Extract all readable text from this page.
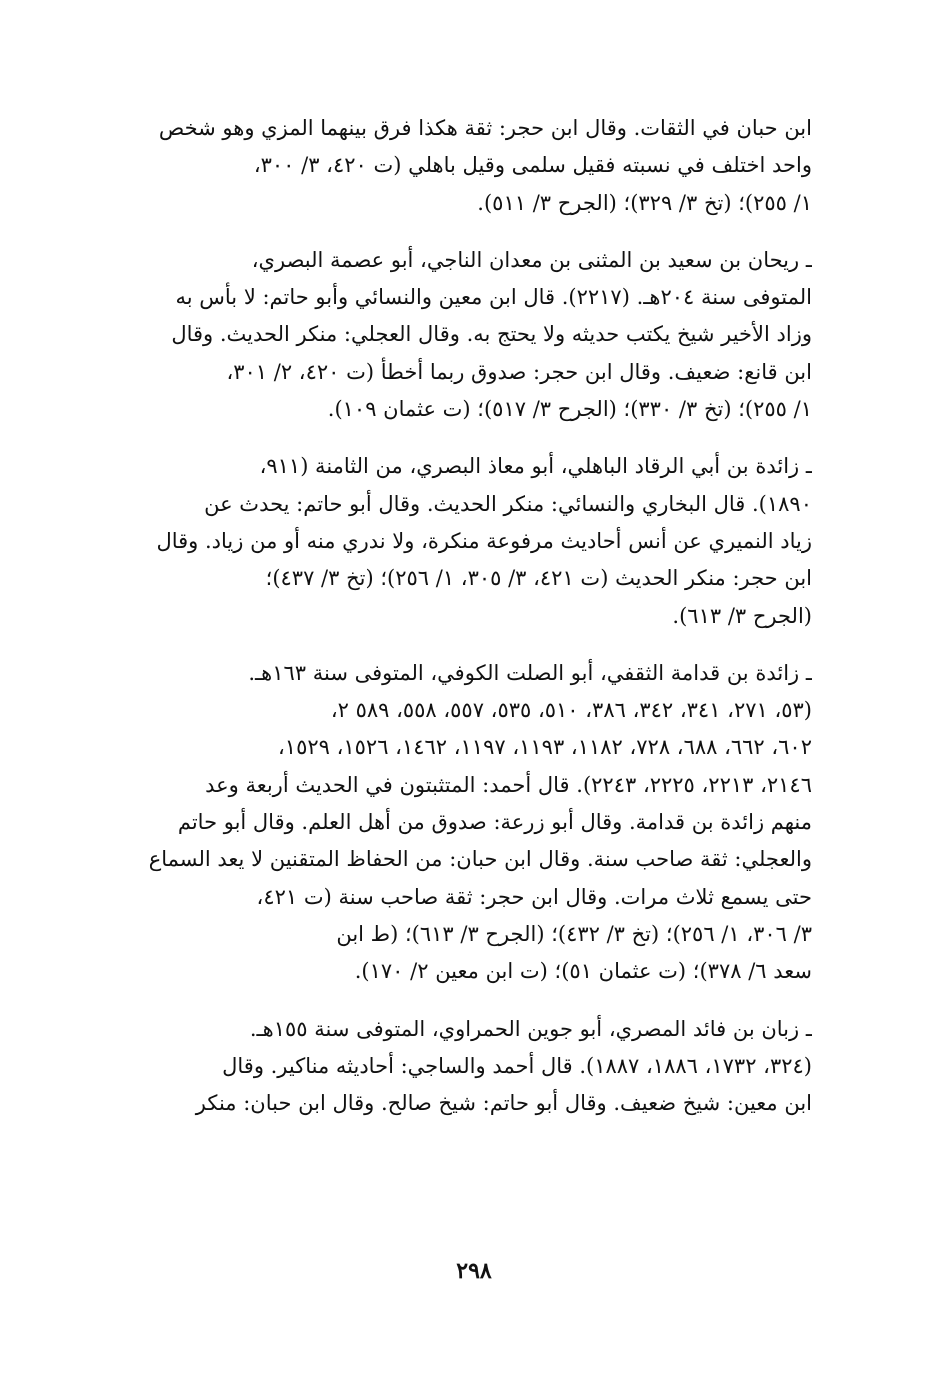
ابن حبان في الثقات. وقال ابن حجر: ثقة هكذا فرق بينهما المزي وهو شخص
واحد اختلف في نسبته فقيل سلمى وقيل باهلي (ت ٤٢٠، ٣/ ٣٠٠،
١/ ٢٥٥)؛ (تخ ٣/ ٣٢٩)؛ (الجرح ٣/ ٥١١).

ـ ريحان بن سعيد بن المثنى بن معدان الناجي، أبو عصمة البصري،
المتوفى سنة ٢٠٤هـ. (٢٢١٧). قال ابن معين والنسائي وأبو حاتم: لا بأس به
وزاد الأخير شيخ يكتب حديثه ولا يحتج به. وقال العجلي: منكر الحديث. وقال
ابن قانع: ضعيف. وقال ابن حجر: صدوق ربما أخطأ (ت ٤٢٠، ٢/ ٣٠١،
١/ ٢٥٥)؛ (تخ ٣/ ٣٣٠)؛ (الجرح ٣/ ٥١٧)؛ (ت عثمان ١٠٩).

ـ زائدة بن أبي الرقاد الباهلي، أبو معاذ البصري، من الثامنة (٩١١،
١٨٩٠). قال البخاري والنسائي: منكر الحديث. وقال أبو حاتم: يحدث عن
زياد النميري عن أنس أحاديث مرفوعة منكرة، ولا ندري منه أو من زياد. وقال
ابن حجر: منكر الحديث (ت ٤٢١، ٣/ ٣٠٥، ١/ ٢٥٦)؛ (تخ ٣/ ٤٣٧)؛
(الجرح ٣/ ٦١٣).

ـ زائدة بن قدامة الثقفي، أبو الصلت الكوفي، المتوفى سنة ١٦٣هـ.
(٥٣، ٢٧١، ٣٤١، ٣٤٢، ٣٨٦، ٥١٠، ٥٣٥، ٥٥٧، ٥٥٨، ٥٨٩ ٢،
٦٠٢، ٦٦٢، ٦٨٨، ٧٢٨، ١١٨٢، ١١٩٣، ١١٩٧، ١٤٦٢، ١٥٢٦، ١٥٢٩،
٢١٤٦، ٢٢١٣، ٢٢٢٥، ٢٢٤٣). قال أحمد: المتثبتون في الحديث أربعة وعد
منهم زائدة بن قدامة. وقال أبو زرعة: صدوق من أهل العلم. وقال أبو حاتم
والعجلي: ثقة صاحب سنة. وقال ابن حبان: من الحفاظ المتقنين لا يعد السماع
حتى يسمع ثلاث مرات. وقال ابن حجر: ثقة صاحب سنة (ت ٤٢١،
٣/ ٣٠٦، ١/ ٢٥٦)؛ (تخ ٣/ ٤٣٢)؛ (الجرح ٣/ ٦١٣)؛ (ط ابن
سعد ٦/ ٣٧٨)؛ (ت عثمان ٥١)؛ (ت ابن معين ٢/ ١٧٠).

ـ زبان بن فائد المصري، أبو جوين الحمراوي، المتوفى سنة ١٥٥هـ.
(٣٢٤، ١٧٣٢، ١٨٨٦، ١٨٨٧). قال أحمد والساجي: أحاديثه مناكير. وقال
ابن معين: شيخ ضعيف. وقال أبو حاتم: شيخ صالح. وقال ابن حبان: منكر

٢٩٨
